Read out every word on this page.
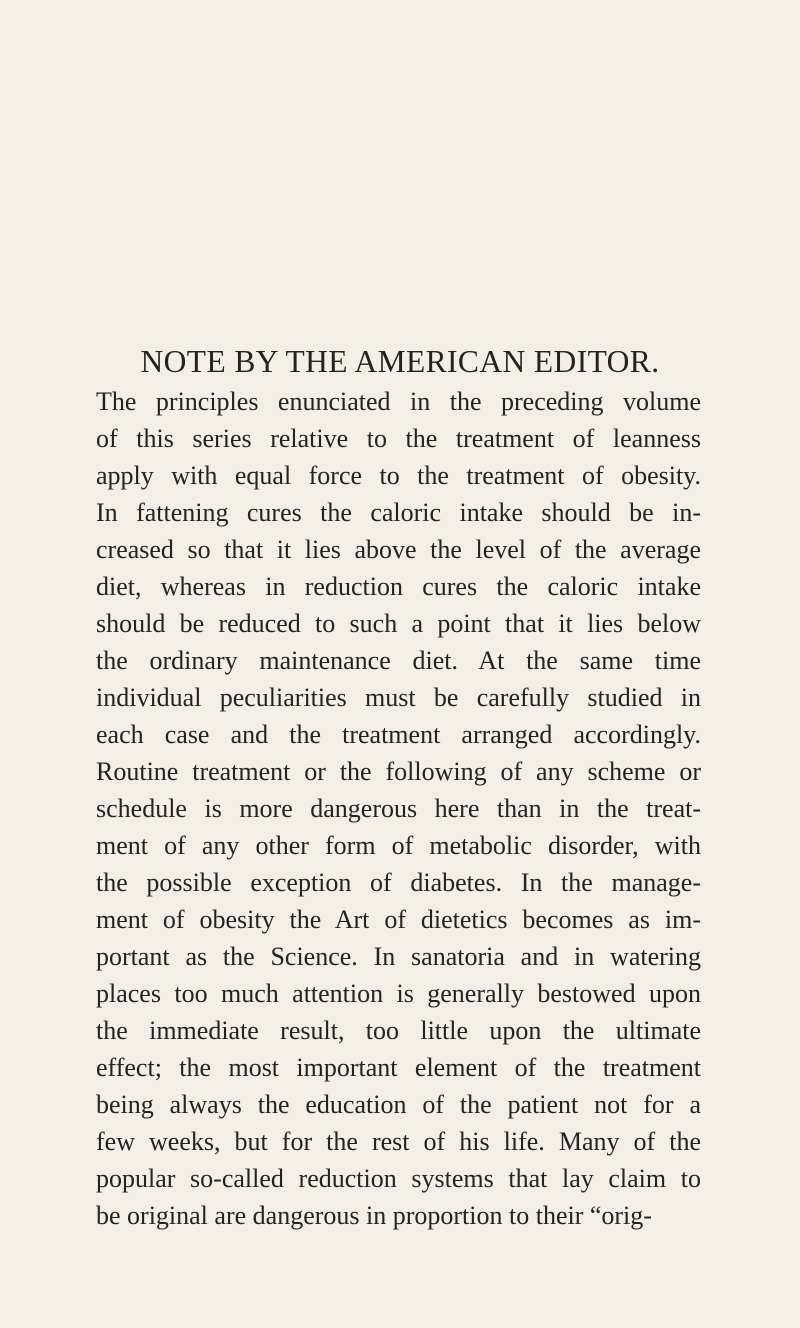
NOTE BY THE AMERICAN EDITOR.
The principles enunciated in the preceding volume
of this series relative to the treatment of leanness
apply with equal force to the treatment of obesity.
In fattening cures the caloric intake should be in-
creased so that it lies above the level of the average
diet, whereas in reduction cures the caloric intake
should be reduced to such a point that it lies below
the ordinary maintenance diet. At the same time
individual peculiarities must be carefully studied in
each case and the treatment arranged accordingly.
Routine treatment or the following of any scheme or
schedule is more dangerous here than in the treat-
ment of any other form of metabolic disorder, with
the possible exception of diabetes. In the manage-
ment of obesity the Art of dietetics becomes as im-
portant as the Science. In sanatoria and in watering
places too much attention is generally bestowed upon
the immediate result, too little upon the ultimate
effect; the most important element of the treatment
being always the education of the patient not for a
few weeks, but for the rest of his life. Many of the
popular so-called reduction systems that lay claim to
be original are dangerous in proportion to their “orig-
